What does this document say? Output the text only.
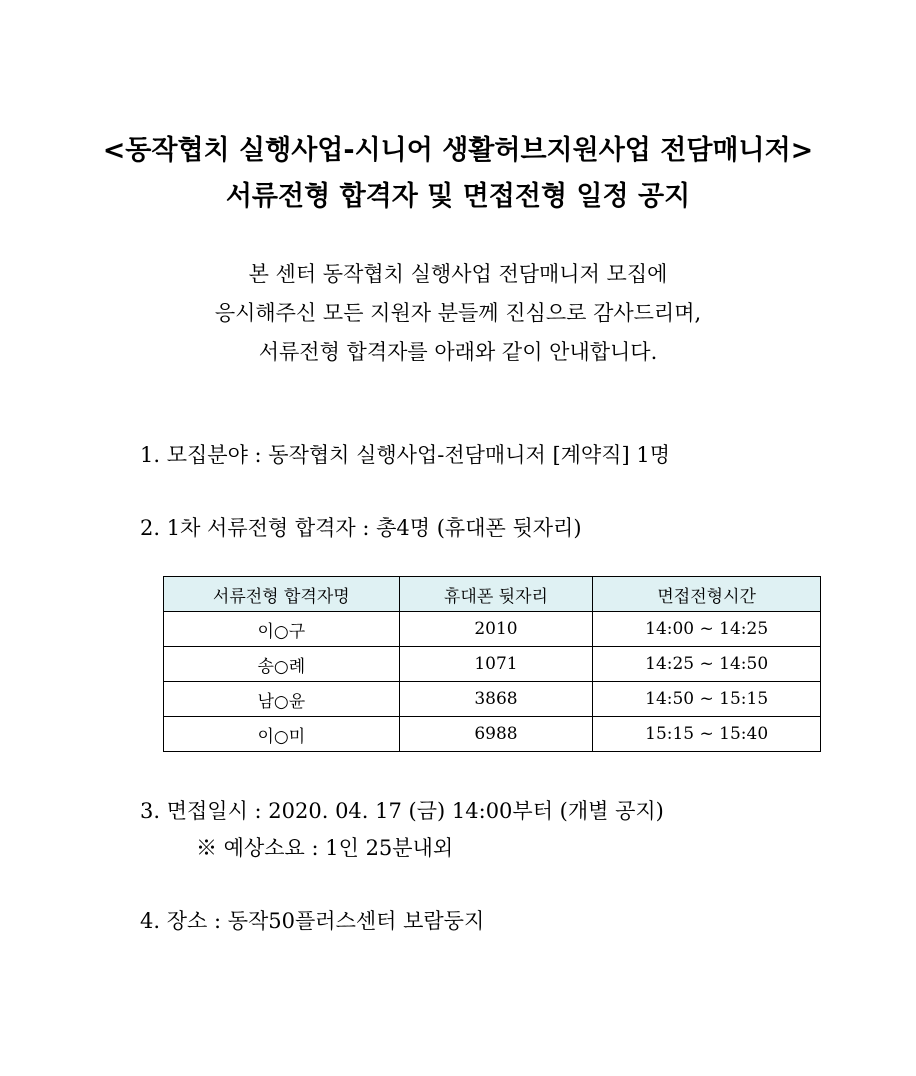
<동작협치 실행사업-시니어 생활허브지원사업 전담매니저>
서류전형 합격자 및 면접전형 일정 공지
본 센터 동작협치 실행사업 전담매니저 모집에
응시해주신 모든 지원자 분들께 진심으로 감사드리며,
서류전형 합격자를 아래와 같이 안내합니다.
1. 모집분야 : 동작협치 실행사업-전담매니저 [계약직] 1명
2. 1차 서류전형 합격자 : 총4명 (휴대폰 뒷자리)
서류전형 합격자명	휴대폰 뒷자리	면접전형시간
이○구	2010	14:00 ~ 14:25
송○례	1071	14:25 ~ 14:50
남○윤	3868	14:50 ~ 15:15
이○미	6988	15:15 ~ 15:40
3. 면접일시 : 2020. 04. 17 (금) 14:00부터 (개별 공지)
※ 예상소요 : 1인 25분내외
4. 장소 : 동작50플러스센터 보람둥지
